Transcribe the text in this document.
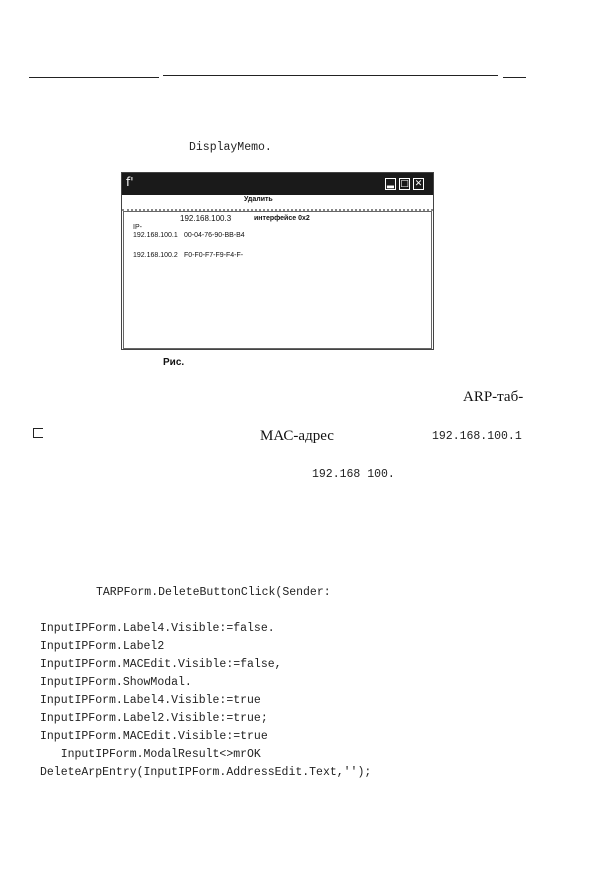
DisplayMemo.
f'	▂ □ ✕
Удалить
192.168.100.3	интерфейсе 0x2
IP-
192.168.100.1 00-04-76-90-BB-B4
192.168.100.2 F0-F0-F7-F9-F4-F-
Рис.
ARP-таб-
МАС-адрес	192.168.100.1
192.168 100.
TARPForm.DeleteButtonClick(Sender:
InputIPForm.Label4.Visible:=false.
InputIPForm.Label2
InputIPForm.MACEdit.Visible:=false,
InputIPForm.ShowModal.
InputIPForm.Label4.Visible:=true
InputIPForm.Label2.Visible:=true;
InputIPForm.MACEdit.Visible:=true
InputIPForm.ModalResult<>mrOK
DeleteArpEntry(InputIPForm.AddressEdit.Text,'');
